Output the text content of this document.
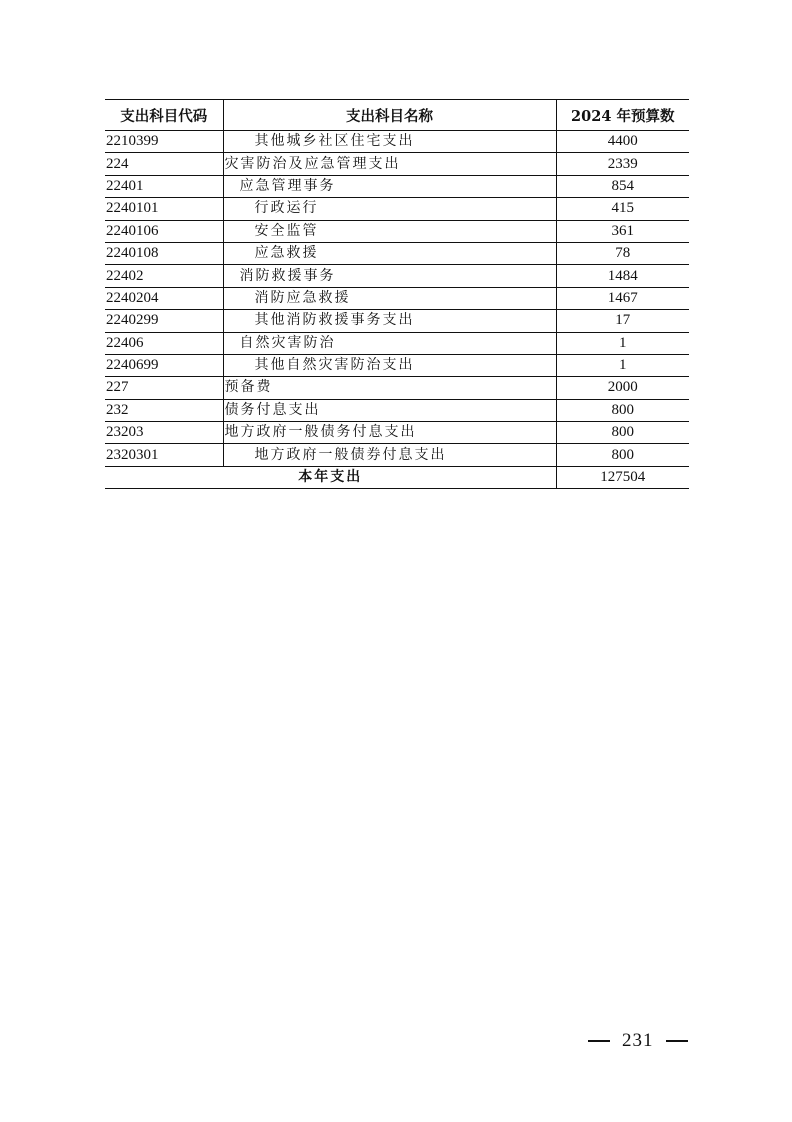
支出科目代码	支出科目名称	2024 年预算数
2210399	其他城乡社区住宅支出	4400
224	灾害防治及应急管理支出	2339
22401	应急管理事务	854
2240101	行政运行	415
2240106	安全监管	361
2240108	应急救援	78
22402	消防救援事务	1484
2240204	消防应急救援	1467
2240299	其他消防救援事务支出	17
22406	自然灾害防治	1
2240699	其他自然灾害防治支出	1
227	预备费	2000
232	债务付息支出	800
23203	地方政府一般债务付息支出	800
2320301	地方政府一般债券付息支出	800
本年支出		127504
231
